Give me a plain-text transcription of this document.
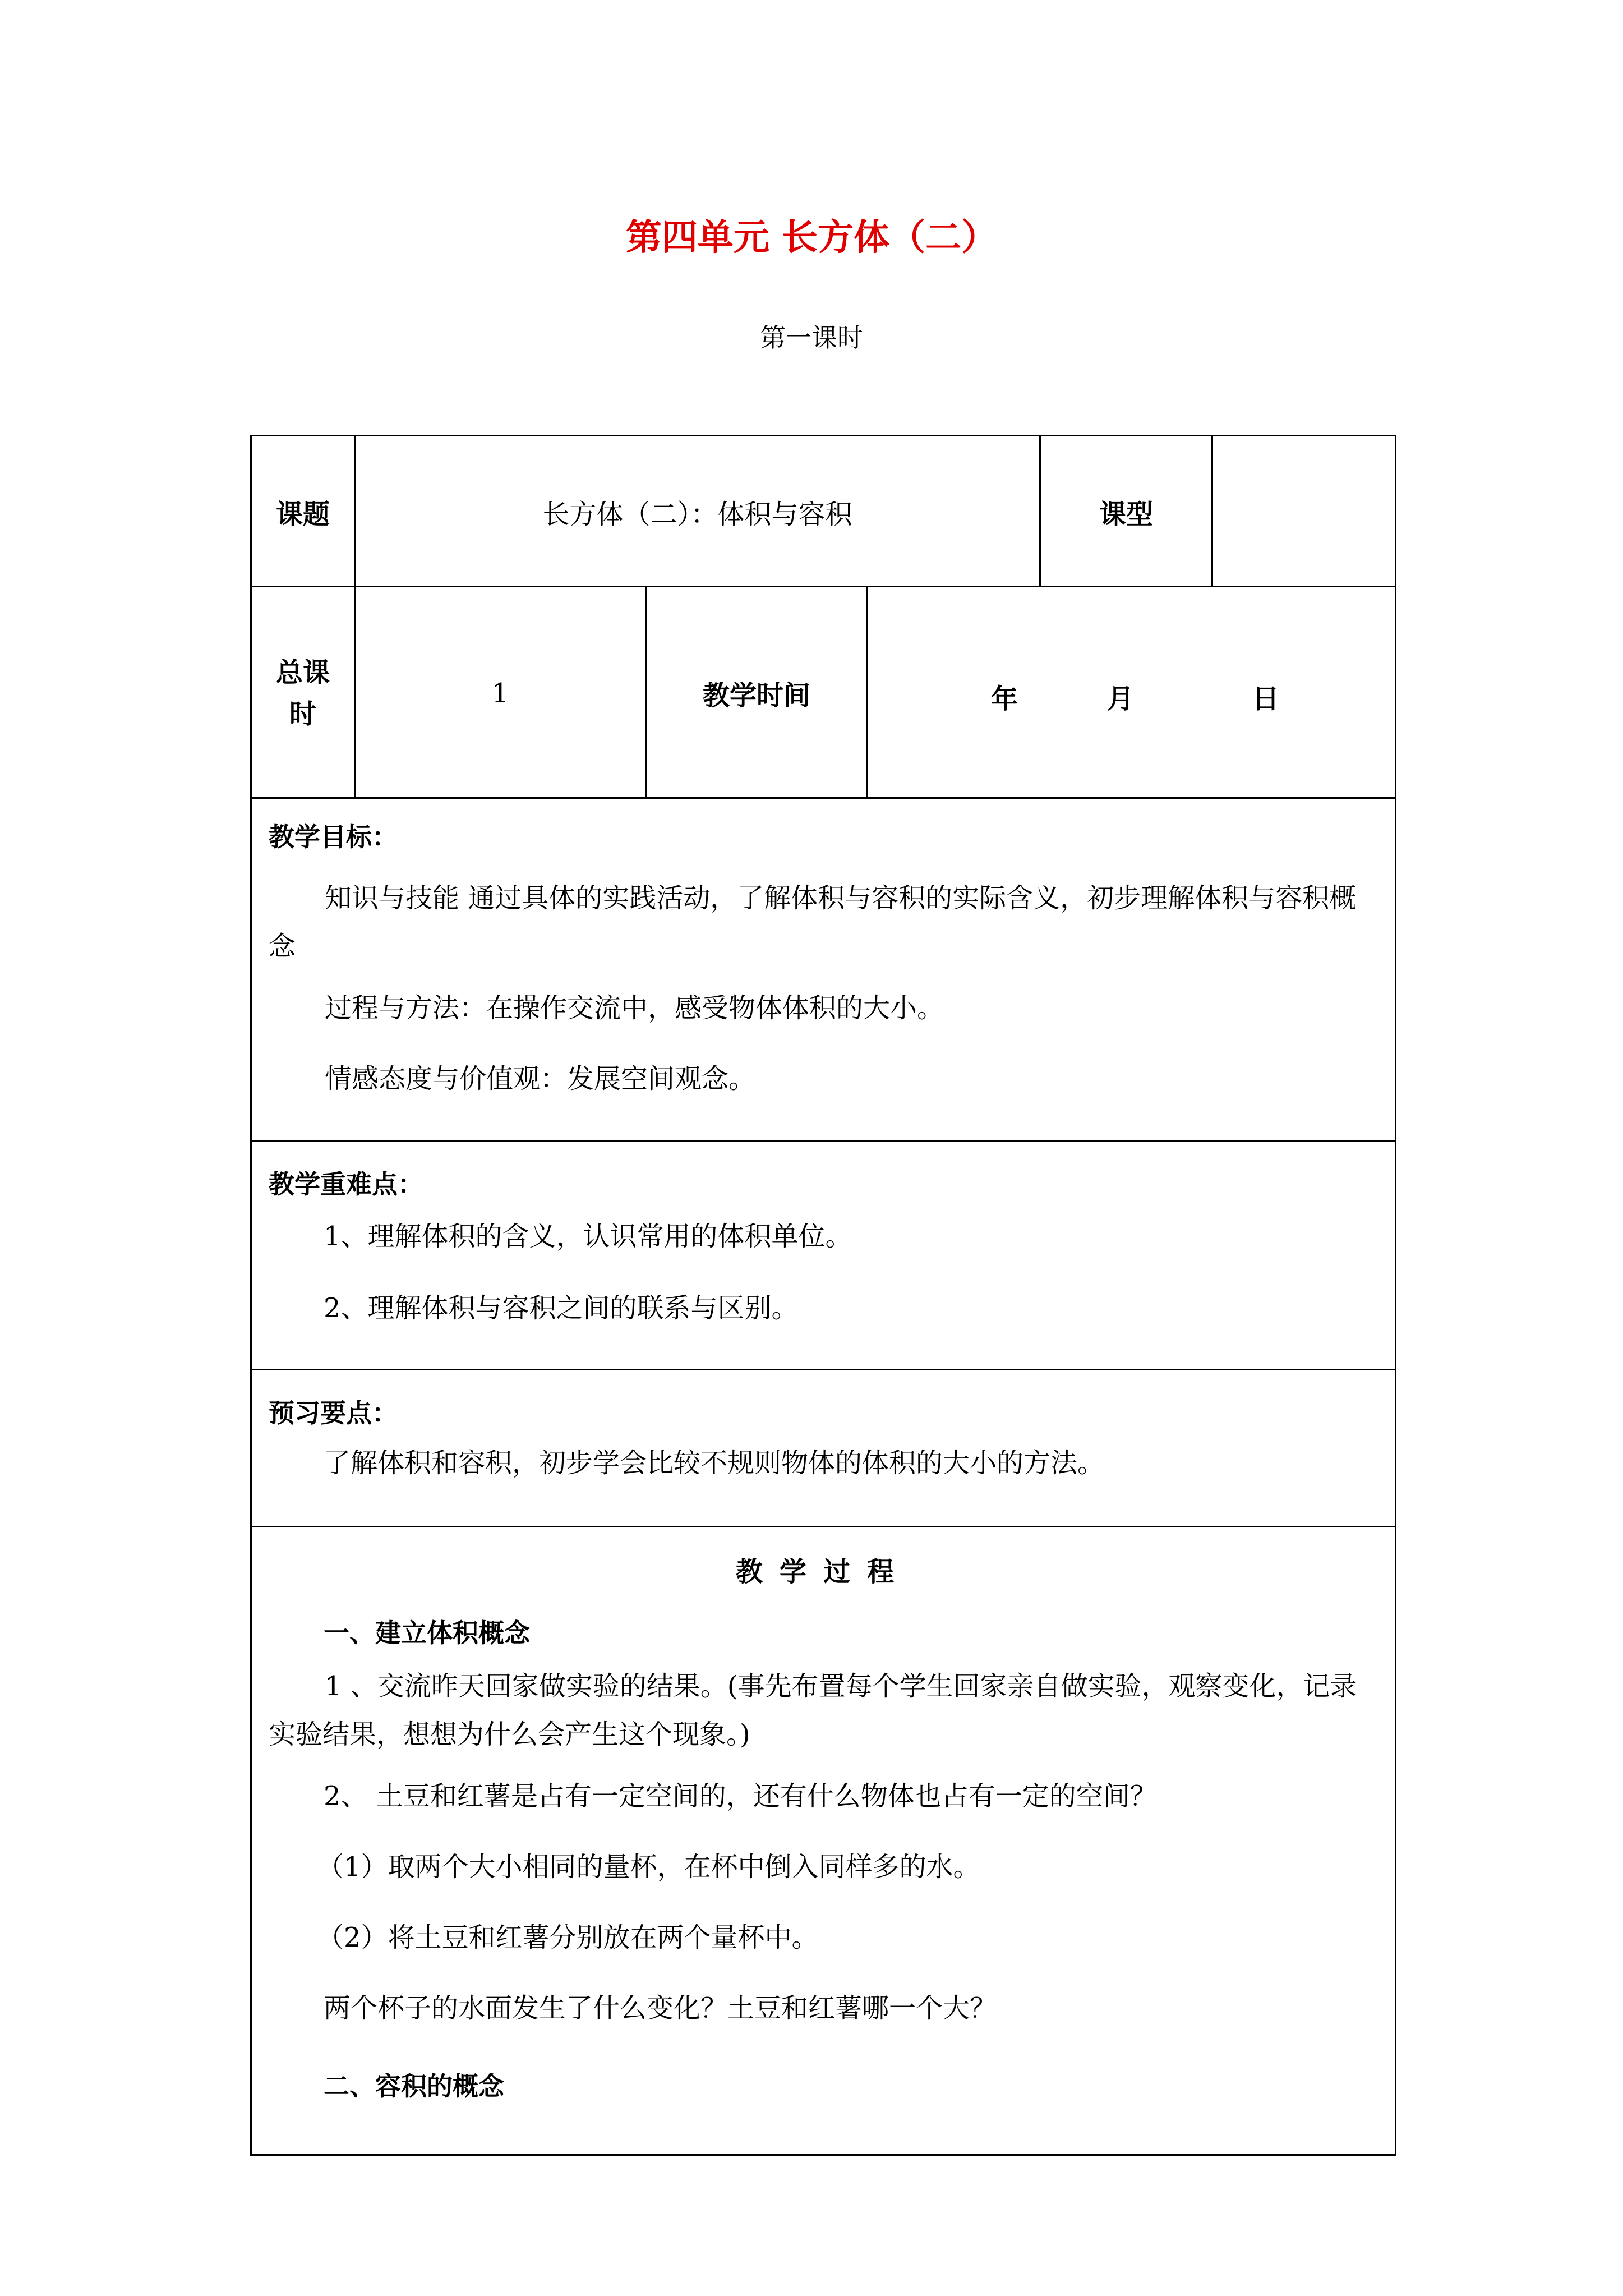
第四单元 长方体（二）
第一课时
课题	长方体（二）：体积与容积	课型
总课
时
1	教学时间	年	月	日
教学目标：
知识与技能 通过具体的实践活动，了解体积与容积的实际含义，初步理解体积与容积概念
过程与方法：在操作交流中，感受物体体积的大小。
情感态度与价值观：发展空间观念。
教学重难点：
1、理解体积的含义，认识常用的体积单位。
2、理解体积与容积之间的联系与区别。
预习要点：
了解体积和容积，初步学会比较不规则物体的体积的大小的方法。
教学过程
一、建立体积概念
1 、交流昨天回家做实验的结果。(事先布置每个学生回家亲自做实验，观察变化，记录实验结果，想想为什么会产生这个现象。)
2、 土豆和红薯是占有一定空间的，还有什么物体也占有一定的空间？
（1）取两个大小相同的量杯，在杯中倒入同样多的水。
（2）将土豆和红薯分别放在两个量杯中。
两个杯子的水面发生了什么变化？土豆和红薯哪一个大？
二、容积的概念
